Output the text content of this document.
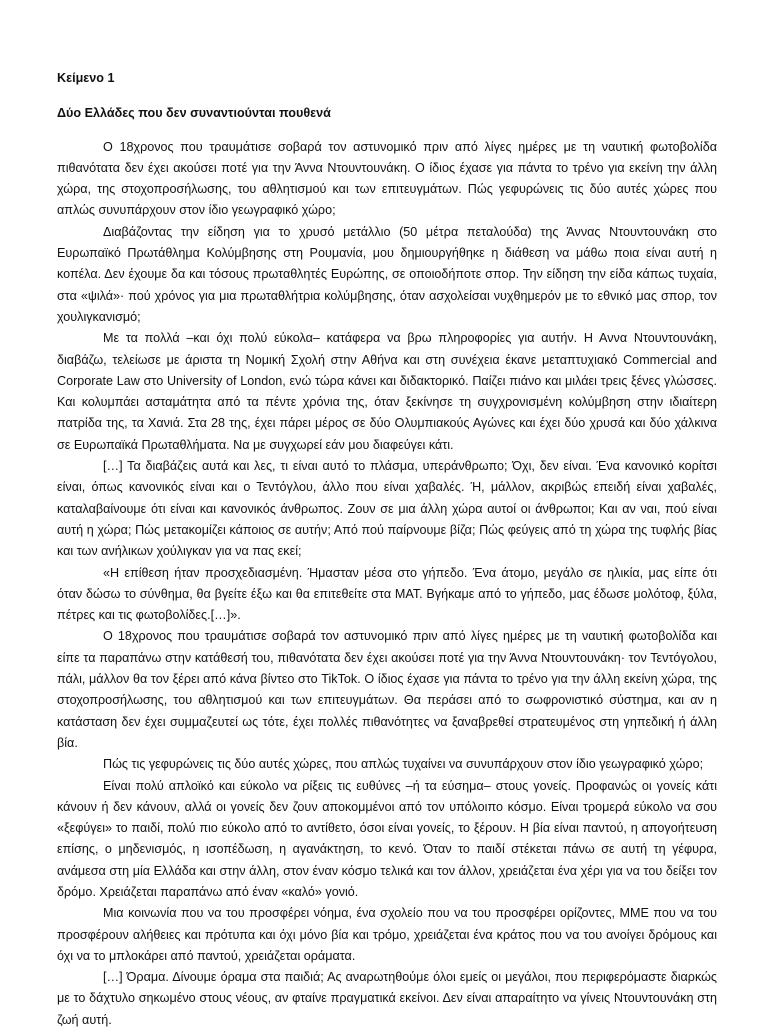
Κείμενο 1

Δύο Ελλάδες που δεν συναντιούνται πουθενά

Ο 18χρονος που τραυμάτισε σοβαρά τον αστυνομικό πριν από λίγες ημέρες με τη ναυτική φωτοβολίδα πιθανότατα δεν έχει ακούσει ποτέ για την Άννα Ντουντουνάκη. Ο ίδιος έχασε για πάντα το τρένο για εκείνη την άλλη χώρα, της στοχοπροσήλωσης, του αθλητισμού και των επιτευγμάτων. Πώς γεφυρώνεις τις δύο αυτές χώρες που απλώς συνυπάρχουν στον ίδιο γεωγραφικό χώρο;

Διαβάζοντας την είδηση για το χρυσό μετάλλιο (50 μέτρα πεταλούδα) της Άννας Ντουντουνάκη στο Ευρωπαϊκό Πρωτάθλημα Κολύμβησης στη Ρουμανία, μου δημιουργήθηκε η διάθεση να μάθω ποια είναι αυτή η κοπέλα. Δεν έχουμε δα και τόσους πρωταθλητές Ευρώπης, σε οποιοδήποτε σπορ. Την είδηση την είδα κάπως τυχαία, στα «ψιλά»· πού χρόνος για μια πρωταθλήτρια κολύμβησης, όταν ασχολείσαι νυχθημερόν με το εθνικό μας σπορ, τον χουλιγκανισμό;

Με τα πολλά –και όχι πολύ εύκολα– κατάφερα να βρω πληροφορίες για αυτήν. Η Αννα Ντουντουνάκη, διαβάζω, τελείωσε με άριστα τη Νομική Σχολή στην Αθήνα και στη συνέχεια έκανε μεταπτυχιακό Commercial and Corporate Law στο University of London, ενώ τώρα κάνει και διδακτορικό. Παίζει πιάνο και μιλάει τρεις ξένες γλώσσες. Και κολυμπάει ασταμάτητα από τα πέντε χρόνια της, όταν ξεκίνησε τη συγχρονισμένη κολύμβηση στην ιδιαίτερη πατρίδα της, τα Χανιά. Στα 28 της, έχει πάρει μέρος σε δύο Ολυμπιακούς Αγώνες και έχει δύο χρυσά και δύο χάλκινα σε Ευρωπαϊκά Πρωταθλήματα. Να με συγχωρεί εάν μου διαφεύγει κάτι.

[…] Τα διαβάζεις αυτά και λες, τι είναι αυτό το πλάσμα, υπεράνθρωπο; Όχι, δεν είναι. Ένα κανονικό κορίτσι είναι, όπως κανονικός είναι και ο Τεντόγλου, άλλο που είναι χαβαλές. Ή, μάλλον, ακριβώς επειδή είναι χαβαλές, καταλαβαίνουμε ότι είναι και κανονικός άνθρωπος. Ζουν σε μια άλλη χώρα αυτοί οι άνθρωποι; Και αν ναι, πού είναι αυτή η χώρα; Πώς μετακομίζει κάποιος σε αυτήν; Από πού παίρνουμε βίζα; Πώς φεύγεις από τη χώρα της τυφλής βίας και των ανήλικων χούλιγκαν για να πας εκεί;

«Η επίθεση ήταν προσχεδιασμένη. Ήμασταν μέσα στο γήπεδο. Ένα άτομο, μεγάλο σε ηλικία, μας είπε ότι όταν δώσω το σύνθημα, θα βγείτε έξω και θα επιτεθείτε στα ΜΑΤ. Βγήκαμε από το γήπεδο, μας έδωσε μολότοφ, ξύλα, πέτρες και τις φωτοβολίδες.[…]».

Ο 18χρονος που τραυμάτισε σοβαρά τον αστυνομικό πριν από λίγες ημέρες με τη ναυτική φωτοβολίδα και είπε τα παραπάνω στην κατάθεσή του, πιθανότατα δεν έχει ακούσει ποτέ για την Άννα Ντουντουνάκη· τον Τεντόγολου, πάλι, μάλλον θα τον ξέρει από κάνα βίντεο στο TikTok. Ο ίδιος έχασε για πάντα το τρένο για την άλλη εκείνη χώρα, της στοχοπροσήλωσης, του αθλητισμού και των επιτευγμάτων. Θα περάσει από το σωφρονιστικό σύστημα, και αν η κατάσταση δεν έχει συμμαζευτεί ως τότε, έχει πολλές πιθανότητες να ξαναβρεθεί στρατευμένος στη γηπεδική ή άλλη βία.

Πώς τις γεφυρώνεις τις δύο αυτές χώρες, που απλώς τυχαίνει να συνυπάρχουν στον ίδιο γεωγραφικό χώρο;

Είναι πολύ απλοϊκό και εύκολο να ρίξεις τις ευθύνες –ή τα εύσημα– στους γονείς. Προφανώς οι γονείς κάτι κάνουν ή δεν κάνουν, αλλά οι γονείς δεν ζουν αποκομμένοι από τον υπόλοιπο κόσμο. Είναι τρομερά εύκολο να σου «ξεφύγει» το παιδί, πολύ πιο εύκολο από το αντίθετο, όσοι είναι γονείς, το ξέρουν. Η βία είναι παντού, η απογοήτευση επίσης, ο μηδενισμός, η ισοπέδωση, η αγανάκτηση, το κενό. Όταν το παιδί στέκεται πάνω σε αυτή τη γέφυρα, ανάμεσα στη μία Ελλάδα και στην άλλη, στον έναν κόσμο τελικά και τον άλλον, χρειάζεται ένα χέρι για να του δείξει τον δρόμο. Χρειάζεται παραπάνω από έναν «καλό» γονιό.

Μια κοινωνία που να του προσφέρει νόημα, ένα σχολείο που να του προσφέρει ορίζοντες, ΜΜΕ που να του προσφέρουν αλήθειες και πρότυπα και όχι μόνο βία και τρόμο, χρειάζεται ένα κράτος που να του ανοίγει δρόμους και όχι να το μπλοκάρει από παντού, χρειάζεται οράματα.

[…] Όραμα. Δίνουμε όραμα στα παιδιά; Ας αναρωτηθούμε όλοι εμείς οι μεγάλοι, που περιφερόμαστε διαρκώς με το δάχτυλο σηκωμένο στους νέους, αν φταίνε πραγματικά εκείνοι. Δεν είναι απαραίτητο να γίνεις Ντουντουνάκη στη ζωή αυτή.
